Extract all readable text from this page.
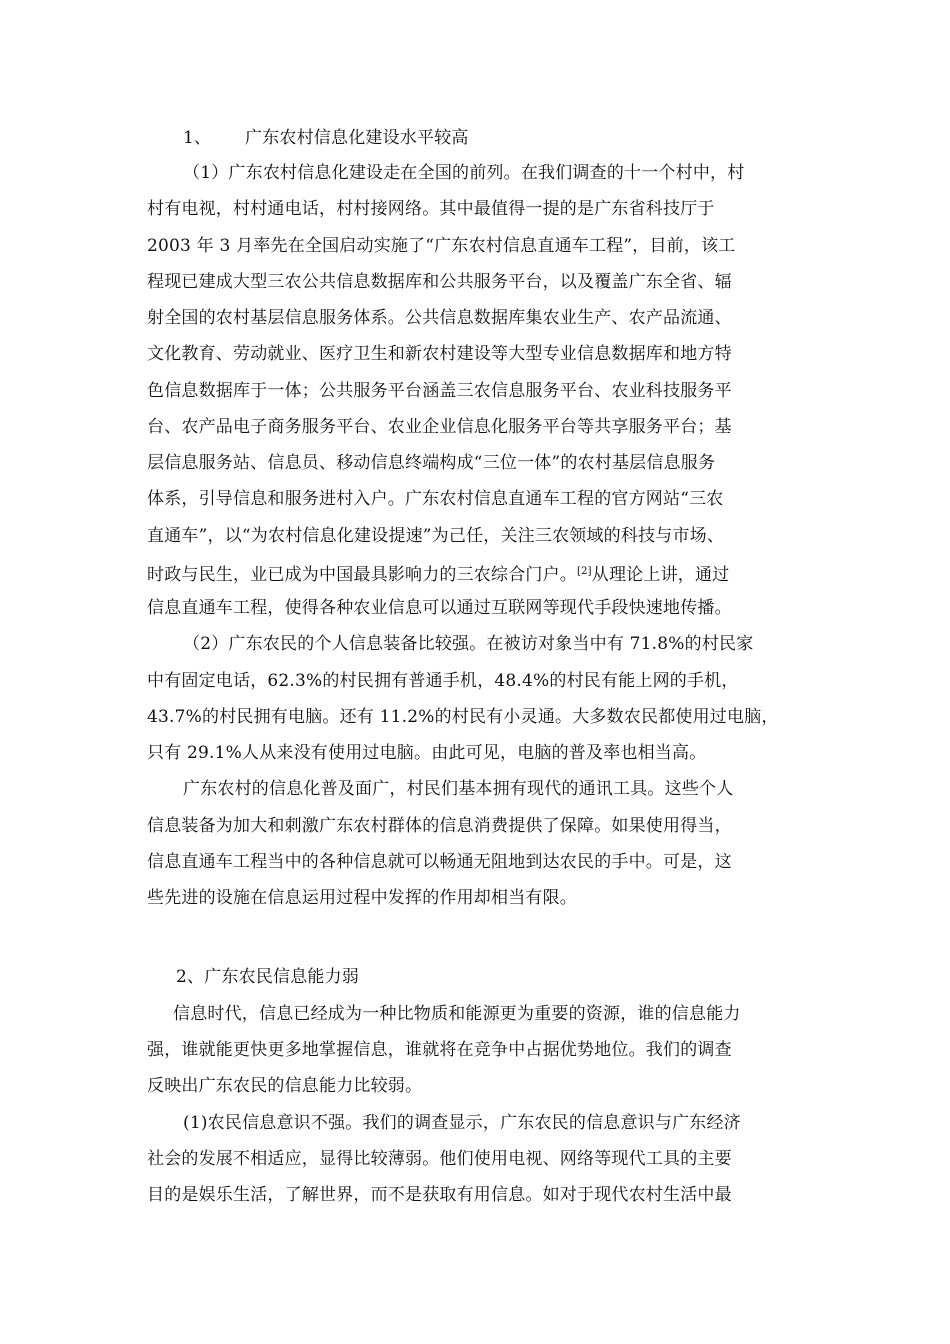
1、 广东农村信息化建设水平较高
（1）广东农村信息化建设走在全国的前列。在我们调查的十一个村中，村
村有电视，村村通电话，村村接网络。其中最值得一提的是广东省科技厅于
2003 年 3 月率先在全国启动实施了“广东农村信息直通车工程”，目前，该工
程现已建成大型三农公共信息数据库和公共服务平台，以及覆盖广东全省、辐
射全国的农村基层信息服务体系。公共信息数据库集农业生产、农产品流通、
文化教育、劳动就业、医疗卫生和新农村建设等大型专业信息数据库和地方特
色信息数据库于一体；公共服务平台涵盖三农信息服务平台、农业科技服务平
台、农产品电子商务服务平台、农业企业信息化服务平台等共享服务平台；基
层信息服务站、信息员、移动信息终端构成“三位一体”的农村基层信息服务
体系，引导信息和服务进村入户。广东农村信息直通车工程的官方网站“三农
直通车”，以“为农村信息化建设提速”为己任，关注三农领域的科技与市场、
时政与民生，业已成为中国最具影响力的三农综合门户。[2]从理论上讲，通过
信息直通车工程，使得各种农业信息可以通过互联网等现代手段快速地传播。
（2）广东农民的个人信息装备比较强。在被访对象当中有 71.8%的村民家
中有固定电话，62.3%的村民拥有普通手机，48.4%的村民有能上网的手机，
43.7%的村民拥有电脑。还有 11.2%的村民有小灵通。大多数农民都使用过电脑，
只有 29.1%人从来没有使用过电脑。由此可见，电脑的普及率也相当高。
广东农村的信息化普及面广，村民们基本拥有现代的通讯工具。这些个人
信息装备为加大和刺激广东农村群体的信息消费提供了保障。如果使用得当，
信息直通车工程当中的各种信息就可以畅通无阻地到达农民的手中。可是，这
些先进的设施在信息运用过程中发挥的作用却相当有限。
2、广东农民信息能力弱
信息时代，信息已经成为一种比物质和能源更为重要的资源，谁的信息能力
强，谁就能更快更多地掌握信息，谁就将在竞争中占据优势地位。我们的调查
反映出广东农民的信息能力比较弱。
(1)农民信息意识不强。我们的调查显示，广东农民的信息意识与广东经济
社会的发展不相适应，显得比较薄弱。他们使用电视、网络等现代工具的主要
目的是娱乐生活，了解世界，而不是获取有用信息。如对于现代农村生活中最
